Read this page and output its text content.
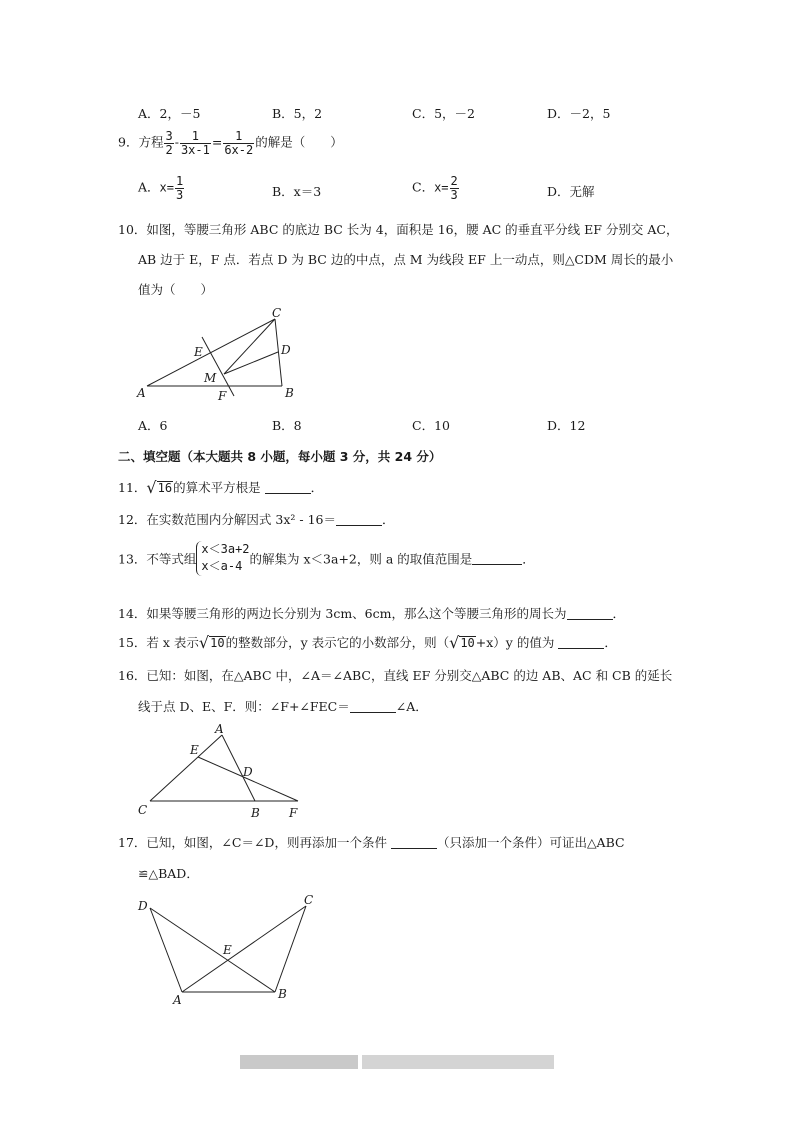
A．2，－5	B．5，2	C．5，－2	D．－2，5
9．方程 $\frac{3}{2} - \frac{1}{3x-1} = \frac{1}{6x-2}$ 的解是（　　）
A．$x= \frac{1}{3}$	B．x＝3	C．$x= \frac{2}{3}$	D．无解
10．如图，等腰三角形 ABC 的底边 BC 长为 4，面积是 16，腰 AC 的垂直平分线 EF 分别交 AC，
AB 边于 E，F 点．若点 D 为 BC 边的中点，点 M 为线段 EF 上一动点，则△CDM 周长的最小
值为（　　）
A	B
C
D
E
F
M
A．6	B．8	C．10	D．12
二、填空题（本大题共 8 小题，每小题 3 分，共 24 分）
11．√16的算术平方根是	．
12．在实数范围内分解因式 3x² - 16＝	．
13．不等式组
x＜3a+2
x＜a-4 的解集为 x＜3a+2，则 a 的取值范围是	．
14．如果等腰三角形的两边长分别为 3cm、6cm，那么这个等腰三角形的周长为	．
15．若 x 表示√10的整数部分，y 表示它的小数部分，则（√10+x）y 的值为	．
16．已知：如图，在△ABC 中，∠A＝∠ABC，直线 EF 分别交△ABC 的边 AB、AC 和 CB 的延长
线于点 D、E、F．则：∠F+∠FEC＝	∠A．
A
B
C
D
E
F
17．已知，如图，∠C＝∠D，则再添加一个条件	（只添加一个条件）可证出△ABC
≌△BAD．
D	C
A	B
E
